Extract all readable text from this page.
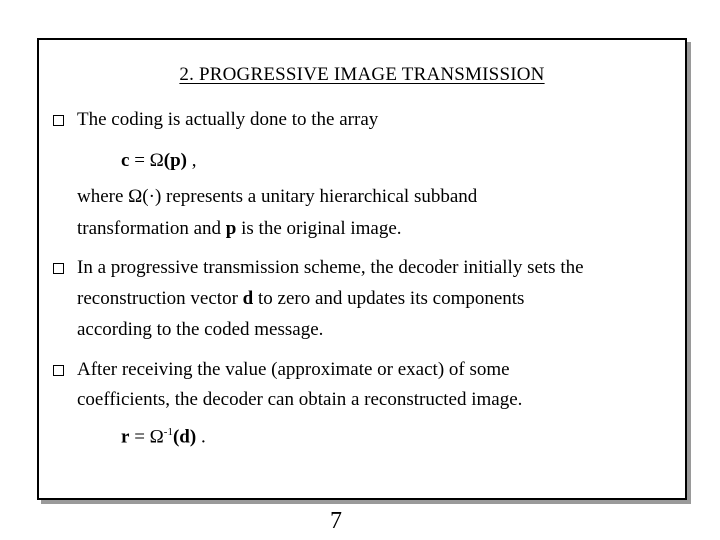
2. PROGRESSIVE IMAGE TRANSMISSION
The coding is actually done to the array
c = Ω(p) ,
where Ω(·) represents a unitary hierarchical subband
transformation and p is the original image.
In a progressive transmission scheme, the decoder initially sets the
reconstruction vector d to zero and updates its components
according to the coded message.
After receiving the value (approximate or exact) of some
coefficients, the decoder can obtain a reconstructed image.
$r = \Omega^{-1}(d)$ .
7
